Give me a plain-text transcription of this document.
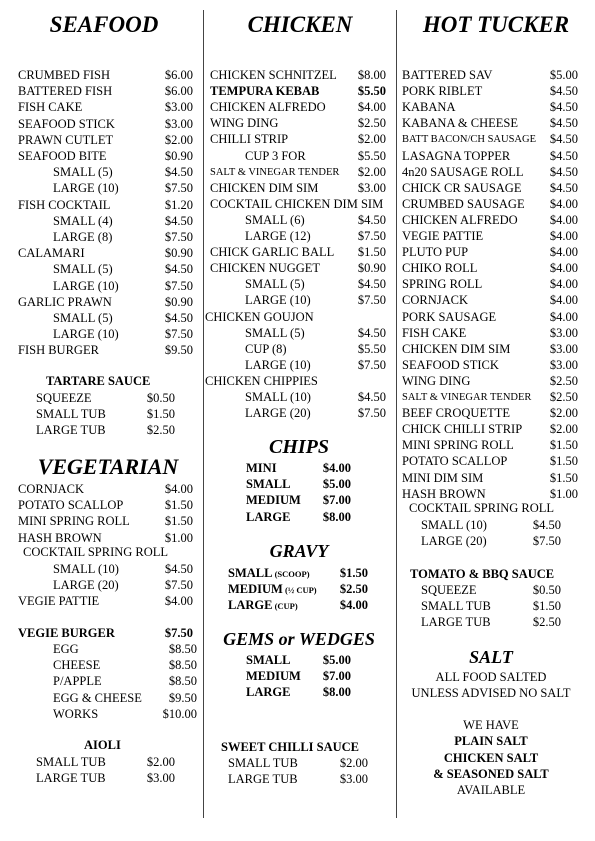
SEAFOOD
CRUMBED FISH	$6.00
BATTERED FISH	$6.00
FISH CAKE	$3.00
SEAFOOD STICK	$3.00
PRAWN CUTLET	$2.00
SEAFOOD BITE	$0.90
SMALL (5)	$4.50
LARGE (10)	$7.50
FISH COCKTAIL	$1.20
SMALL (4)	$4.50
LARGE (8)	$7.50
CALAMARI	$0.90
SMALL (5)	$4.50
LARGE (10)	$7.50
GARLIC PRAWN	$0.90
SMALL (5)	$4.50
LARGE (10)	$7.50
FISH BURGER	$9.50
TARTARE SAUCE
SQUEEZE	$0.50
SMALL TUB	$1.50
LARGE TUB	$2.50
VEGETARIAN
CORNJACK	$4.00
POTATO SCALLOP	$1.50
MINI SPRING ROLL	$1.50
HASH BROWN	$1.00
COCKTAIL SPRING ROLL
SMALL (10)	$4.50
LARGE (20)	$7.50
VEGIE PATTIE	$4.00
VEGIE BURGER	$7.50
EGG	$8.50
CHEESE	$8.50
P/APPLE	$8.50
EGG & CHEESE $9.50
WORKS	$10.00
AIOLI
SMALL TUB	$2.00
LARGE TUB	$3.00
CHICKEN
CHICKEN SCHNITZEL $8.00
TEMPURA KEBAB	$5.50
CHICKEN ALFREDO	$4.00
WING DING	$2.50
CHILLI STRIP	$2.00
CUP 3 FOR	$5.50
SALT & VINEGAR TENDER $2.00
CHICKEN DIM SIM	$3.00
COCKTAIL CHICKEN DIM SIM
SMALL (6)	$4.50
LARGE (12)	$7.50
CHICK GARLIC BALL $1.50
CHICKEN NUGGET	$0.90
SMALL (5)	$4.50
LARGE (10)	$7.50
CHICKEN GOUJON
SMALL (5)	$4.50
CUP (8)	$5.50
LARGE (10)	$7.50
CHICKEN CHIPPIES
SMALL (10)	$4.50
LARGE (20)	$7.50
CHIPS
MINI	$4.00
SMALL	$5.00
MEDIUM $7.00
LARGE	$8.00
GRAVY
SMALL (SCOOP) $1.50
MEDIUM (½ CUP) $2.50
LARGE (CUP)	$4.00
GEMS or WEDGES
SMALL	$5.00
MEDIUM $7.00
LARGE	$8.00
SWEET CHILLI SAUCE
SMALL TUB	$2.00
LARGE TUB	$3.00
HOT TUCKER
BATTERED SAV	$5.00
PORK RIBLET	$4.50
KABANA	$4.50
KABANA & CHEESE	$4.50
BATT BACON/CH SAUSAGE $4.50
LASAGNA TOPPER	$4.50
4n20 SAUSAGE ROLL $4.50
CHICK CR SAUSAGE $4.50
CRUMBED SAUSAGE $4.00
CHICKEN ALFREDO	$4.00
VEGIE PATTIE	$4.00
PLUTO PUP	$4.00
CHIKO ROLL	$4.00
SPRING ROLL	$4.00
CORNJACK	$4.00
PORK SAUSAGE	$4.00
FISH CAKE	$3.00
CHICKEN DIM SIM	$3.00
SEAFOOD STICK	$3.00
WING DING	$2.50
SALT & VINEGAR TENDER $2.50
BEEF CROQUETTE	$2.00
CHICK CHILLI STRIP $2.00
MINI SPRING ROLL	$1.50
POTATO SCALLOP	$1.50
MINI DIM SIM	$1.50
HASH BROWN	$1.00
COCKTAIL SPRING ROLL
SMALL (10)	$4.50
LARGE (20)	$7.50
TOMATO & BBQ SAUCE
SQUEEZE	$0.50
SMALL TUB	$1.50
LARGE TUB	$2.50
SALT
ALL FOOD SALTED
UNLESS ADVISED NO SALT
WE HAVE
PLAIN SALT
CHICKEN SALT
& SEASONED SALT
AVAILABLE
